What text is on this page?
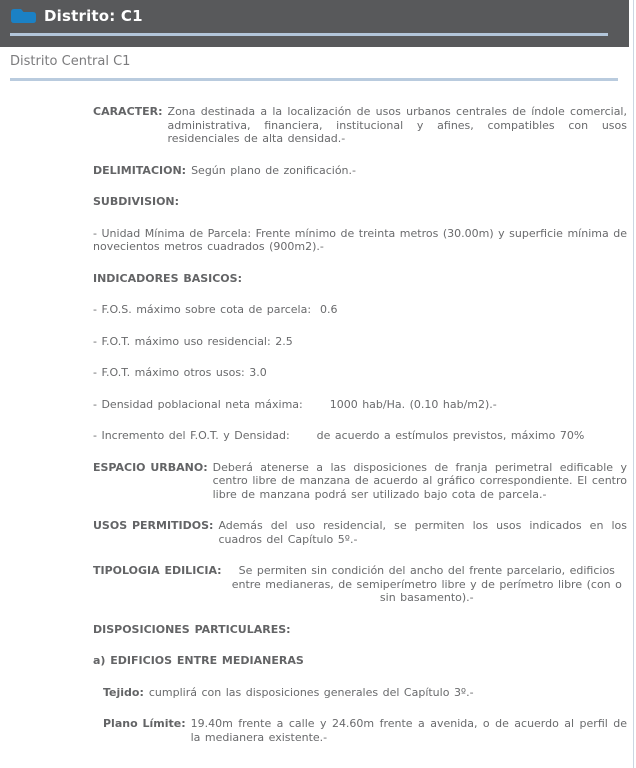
Distrito: C1
Distrito Central C1
CARACTER: Zona destinada a la localización de usos urbanos centrales de índole comercial, administrativa, financiera, institucional y afines, compatibles con usos residenciales de alta densidad.-
DELIMITACION: Según plano de zonificación.-
SUBDIVISION:
- Unidad Mínima de Parcela: Frente mínimo de treinta metros (30.00m) y superficie mínima de novecientos metros cuadrados (900m2).-
INDICADORES BASICOS:
- F.O.S. máximo sobre cota de parcela:  0.6
- F.O.T. máximo uso residencial: 2.5
- F.O.T. máximo otros usos: 3.0
- Densidad poblacional neta máxima:      1000 hab/Ha. (0.10 hab/m2).-
- Incremento del F.O.T. y Densidad:      de acuerdo a estímulos previstos, máximo 70%
ESPACIO URBANO: Deberá atenerse a las disposiciones de franja perimetral edificable y centro libre de manzana de acuerdo al gráfico correspondiente. El centro libre de manzana podrá ser utilizado bajo cota de parcela.-
USOS PERMITIDOS: Además del uso residencial, se permiten los usos indicados en los cuadros del Capítulo 5º.-
TIPOLOGIA EDILICIA:	Se permiten sin condición del ancho del frente parcelario, edificios entre medianeras, de semiperímetro libre y de perímetro libre (con o sin basamento).-
DISPOSICIONES PARTICULARES:
a) EDIFICIOS ENTRE MEDIANERAS
Tejido: cumplirá con las disposiciones generales del Capítulo 3º.-
Plano Límite: 19.40m frente a calle y 24.60m frente a avenida, o de acuerdo al perfil de la medianera existente.-
